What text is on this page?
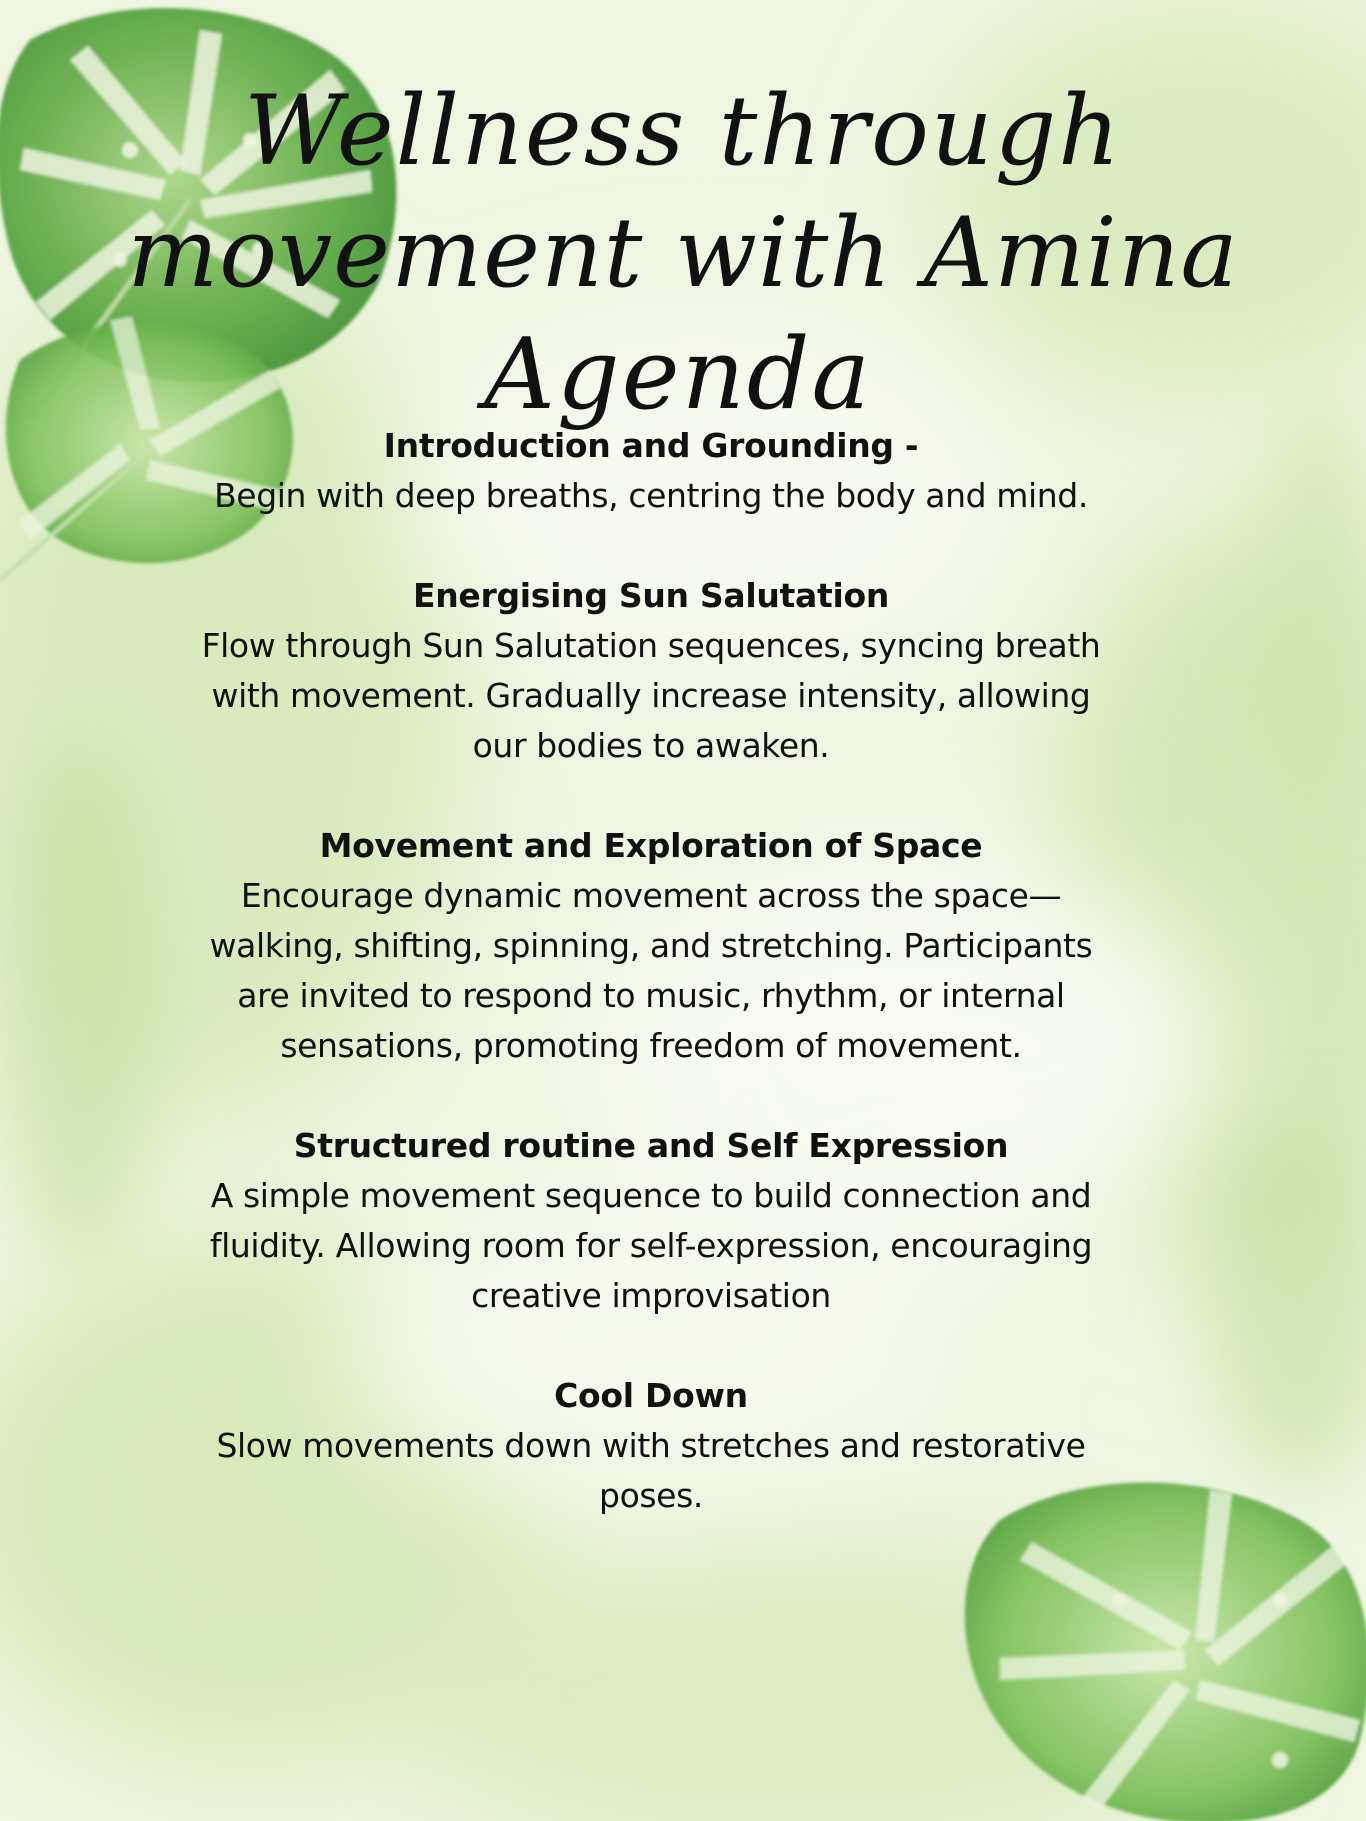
Wellness through
movement with Amina
Agenda
Introduction and Grounding -
Begin with deep breaths, centring the body and mind.
Energising Sun Salutation
Flow through Sun Salutation sequences, syncing breath with movement. Gradually increase intensity, allowing our bodies to awaken.
Movement and Exploration of Space
Encourage dynamic movement across the space—walking, shifting, spinning, and stretching. Participants are invited to respond to music, rhythm, or internal sensations, promoting freedom of movement.
Structured routine and Self Expression
A simple movement sequence to build connection and fluidity. Allowing room for self-expression, encouraging creative improvisation
Cool Down
Slow movements down with stretches and restorative poses.
